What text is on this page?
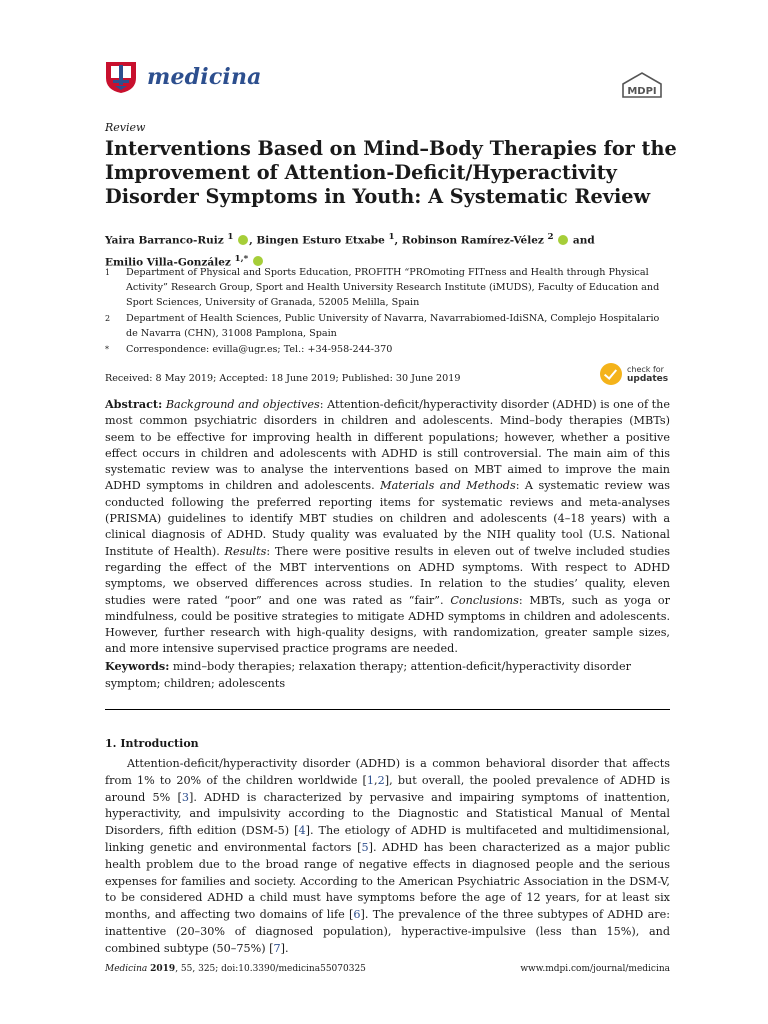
medicina
MDPI
Review
Interventions Based on Mind–Body Therapies for the Improvement of Attention-Deficit/Hyperactivity Disorder Symptoms in Youth: A Systematic Review
Yaira Barranco-Ruiz $^1$ , Bingen Esturo Etxabe $^1$, Robinson Ramírez-Vélez $^2$  and
Emilio Villa-González $^{1,*}$
1 Department of Physical and Sports Education, PROFITH “PROmoting FITness and Health through Physical Activity” Research Group, Sport and Health University Research Institute (iMUDS), Faculty of Education and Sport Sciences, University of Granada, 52005 Melilla, Spain
2 Department of Health Sciences, Public University of Navarra, Navarrabiomed-IdiSNA, Complejo Hospitalario de Navarra (CHN), 31008 Pamplona, Spain
* Correspondence: evilla@ugr.es; Tel.: +34-958-244-370
Received: 8 May 2019; Accepted: 18 June 2019; Published: 30 June 2019
check for
updates
Abstract: Background and objectives: Attention-deficit/hyperactivity disorder (ADHD) is one of the most common psychiatric disorders in children and adolescents. Mind–body therapies (MBTs) seem to be effective for improving health in different populations; however, whether a positive effect occurs in children and adolescents with ADHD is still controversial. The main aim of this systematic review was to analyse the interventions based on MBT aimed to improve the main ADHD symptoms in children and adolescents. Materials and Methods: A systematic review was conducted following the preferred reporting items for systematic reviews and meta-analyses (PRISMA) guidelines to identify MBT studies on children and adolescents (4–18 years) with a clinical diagnosis of ADHD. Study quality was evaluated by the NIH quality tool (U.S. National Institute of Health). Results: There were positive results in eleven out of twelve included studies regarding the effect of the MBT interventions on ADHD symptoms. With respect to ADHD symptoms, we observed differences across studies. In relation to the studies’ quality, eleven studies were rated “poor” and one was rated as “fair”. Conclusions: MBTs, such as yoga or mindfulness, could be positive strategies to mitigate ADHD symptoms in children and adolescents. However, further research with high-quality designs, with randomization, greater sample sizes, and more intensive supervised practice programs are needed.
Keywords: mind–body therapies; relaxation therapy; attention-deficit/hyperactivity disorder symptom; children; adolescents
1. Introduction
Attention-deficit/hyperactivity disorder (ADHD) is a common behavioral disorder that affects from 1% to 20% of the children worldwide [1,2], but overall, the pooled prevalence of ADHD is around 5% [3]. ADHD is characterized by pervasive and impairing symptoms of inattention, hyperactivity, and impulsivity according to the Diagnostic and Statistical Manual of Mental Disorders, fifth edition (DSM-5) [4]. The etiology of ADHD is multifaceted and multidimensional, linking genetic and environmental factors [5]. ADHD has been characterized as a major public health problem due to the broad range of negative effects in diagnosed people and the serious expenses for families and society. According to the American Psychiatric Association in the DSM-V, to be considered ADHD a child must have symptoms before the age of 12 years, for at least six months, and affecting two domains of life [6]. The prevalence of the three subtypes of ADHD are: inattentive (20–30% of diagnosed population), hyperactive-impulsive (less than 15%), and combined subtype (50–75%) [7].
Medicina 2019, 55, 325; doi:10.3390/medicina55070325	www.mdpi.com/journal/medicina
